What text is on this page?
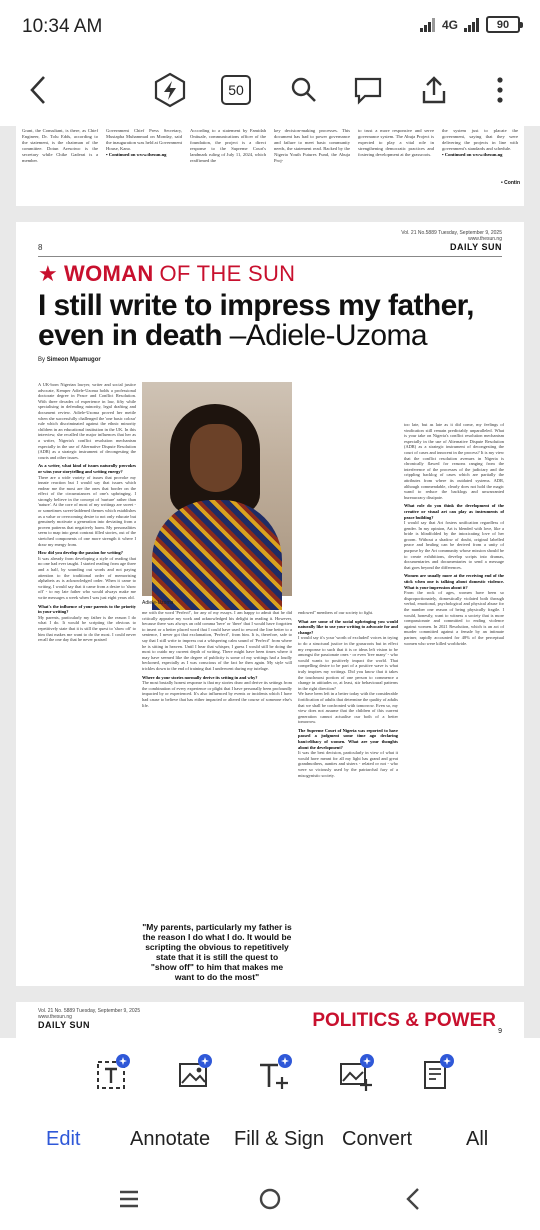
10:34 AM	4G	90
50
Grant, the Consultant, is there, as Chief Engineer, Dr. Tolu Edds, according to the statement, is the chairman of the committee. Dotun Aresotwo is the secretary while Chike Gaderai is a member.
Government Chief Press Secretary, Mustapha Muhammad on Monday, said the inauguration was held at Government House, Kano.
• Continued on www.thesun.ng
According to a statement by Famidah Onituale, communications officer of the foundation, the project is a direct response to the Supreme Court's landmark ruling of July 11, 2024, which reaffirmed the
key decision-making processes. This document has had to power governance and failure to meet basic community needs, the statement read. Backed by the Nigeria Youth Futures Fund, the Abuja Proj-
to trust a more responsive and serve governance system. The Abuja Project is expected to play a vital role in strengthening democratic practices and fostering development at the grassroots.
the system just to placate the government, saying that they were delivering the projects in line with government's standards and schedule.
• Continued on www.thesun.ng
• Contin
8
Vol. 21 No.5889 Tuesday, September 9, 2025
www.thesun.ng
DAILY SUN
★ WOMAN OF THE SUN
I still write to impress my father,
even in death –Adiele-Uzoma
By Simeon Mpamugor

A UK-born Nigerian lawyer, writer and social justice advocate, Kemper Adiele-Uzoma holds a professional doctorate degree in Peace and Conflict Resolution. With three decades of experience in law, fifty while specialising in defending minority, legal drafting and document review. Adiele-Uzoma proved her mettle when she successfully challenged the 'one basic colour' rule which discriminated against the ethnic minority children in an educational institution in the UK. In this interview, she recalled the major influences that her as a writer, Nigeria's conflict resolution mechanism especially in the use of Alternative Dispute Resolution (ADR) as a strategic instrument of decongesting the courts and other issues.

As a writer, what kind of issues naturally provokes or wins your storytelling and writing energy?

There are a wide variety of issues that provoke my innate reaction but I would say that issues which endear me the most are the ones that border on the effect of the circumstances of one's upbringing. I strongly believe in the concept of 'nurture' rather than 'nature'. At the core of most of my writings are sweet - or sometimes sweet-laddened themes which establishes as a value or overcoming desire to not only educate but genuinely motivate a generation into deviating from a proven patterns that negatively harm. My personalities seem to map into great contrast filled stories, out of the stretched components of one more strength it where I draw my energy from.

How did you develop the passion for writing?

It was already from developing a style of reading that no one had ever taught. I started reading from age three and a half, by sounding out words and not paying attention to the traditional order of memorising alphabets as is acknowledged order. When it came to writing, I would say that it came from a desire to 'show off' - to my late father who would always make me write messages a week when I was just eight years old.

What's the influence of your parents to the priority in your writing?

My parents, particularly my father is the reason I do what I do. It would be scripting the obvious to repetitively state that it is still the quest to 'show off' to him that makes me want to do the most. I could never recall the one day that he never praised

Adiele-Uzoma

me with the word 'Perfect!', for any of my essays. I am happy to admit that he did critically appraise my work and acknowledged his delight in reading it. However, because there was always an odd comma 'here' or 'there' that I would have forgotten to insert or a better placed word that I could have used to reword the line better to a sentence, I never got that exclamation, 'Perfect!', from him. It is, therefore, safe to say that I still write to impress out a whispering calm sound of 'Perfect!' from where he is sitting in heaven. Until I hear that whisper, I guess I would still be doing the most to outdo my current depth of writing. There might have been times where it may have seemed like the degree of publicity is some of my writings had a loudly beckoned, especially as I was conscious of the fact he then again. My style will trickles down to the end of training that I underwent during my tutelage.

Where do your stories normally derive its setting in and why?

The most brutally honest response is that my stories draw and derive its settings from the combination of every experience or plight that I have personally been profoundly impacted by or experienced. It's also influenced by events or incidents which I have had cause to believe that has either impacted or altered the course of someone else's life.

"My parents, particularly my father is the reason I do what I do. It would be scripting the obvious to repetitively state that it is still the quest to "show off" to him that makes me want to do the most"

endowed" members of our society to fight.

What are some of the social upbringing you would naturally like to use your writing to advocate for and change?

I would say it's your 'worth of excluded' voices in trying to do a structural justice in the grassroots but in effect my response to such that it is or ideas left vision to be amongst the passionate ones - or even 'free many' - who would wants to positively impact the world. That compelling desire to be part of a positive wave is what truly inspires my writings. Did you know that it takes the touchmost portion of one person to commence a change in attitudes or, at least, stir behavioural patterns in the right direction?

We have been left in a better today with the considerable fortification of adults that determine the quality of adults that we shall be confronted with tomorrow. Even so, my view does not assume that the children of this current generation cannot actualise our both of a better tomorrow.

The Supreme Court of Nigeria was reported to have passed a judgment some time ago declaring ban/celibacy of women. What are your thoughts about the development?

It was the best decision, particularly in view of what it would have meant for all my light has grand and great grandmothers, aunties and sisters - related or not - who were so viciously used by the patriarchal fury of a misogynistic society.

too late, but as late as it did come, my feelings of vindication still remain predictably unparalleled. What is your take on Nigeria's conflict resolution mechanism especially in the use of Alternative Dispute Resolution (ADR) as a strategic instrument of decongesting the court of cases and innocent in the process? It is my view that the conflict resolution avenues in Nigeria is chronically flawed for reasons ranging from the interference of the processes of the judiciary and the crippling backlog of cases which are partially the attributes from where its outdated systems. ADR, although commendable, clearly does not hold the magic wand to reduce the backlogs and unwarranted bureaucracy dissipate.

What role do you think the development of the creative or visual art can play as instruments of peace building?

I would say that Art fosters unification regardless of gender. In my opinion, Art is blended with love, like a bride is blindfolded by the intoxicating love of her groom. Without a shadow of doubt, original labelled peace and healing can be derived from a unity of purpose by the Art community whose mission should be to create exhibitions, develop scripts into dramas, documentaries and documentaries to send a message that goes beyond the differences.

Women are usually more at the receiving end of the stick when one is talking about domestic violence. What is your impression about it?

From the rock of ages, women have been so disproportionately, domestically violated both through verbal, emotional, psychological and physical abuse for the number one reason of being physically fragile. I would, honestly, want to witness a society that is more compassionate and committed to ending violence against women. In 2021 Resolution, which is an act of murder committed against a female by an intimate partner, rapidly accounted for 48% of the perceptual women who were killed worldwide.

Vol. 21 No. 5889 Tuesday, September 9, 2025
www.thesun.ng
DAILY SUN	POLITICS & POWER
9
Edit Annotate Fill & Sign Convert	All
